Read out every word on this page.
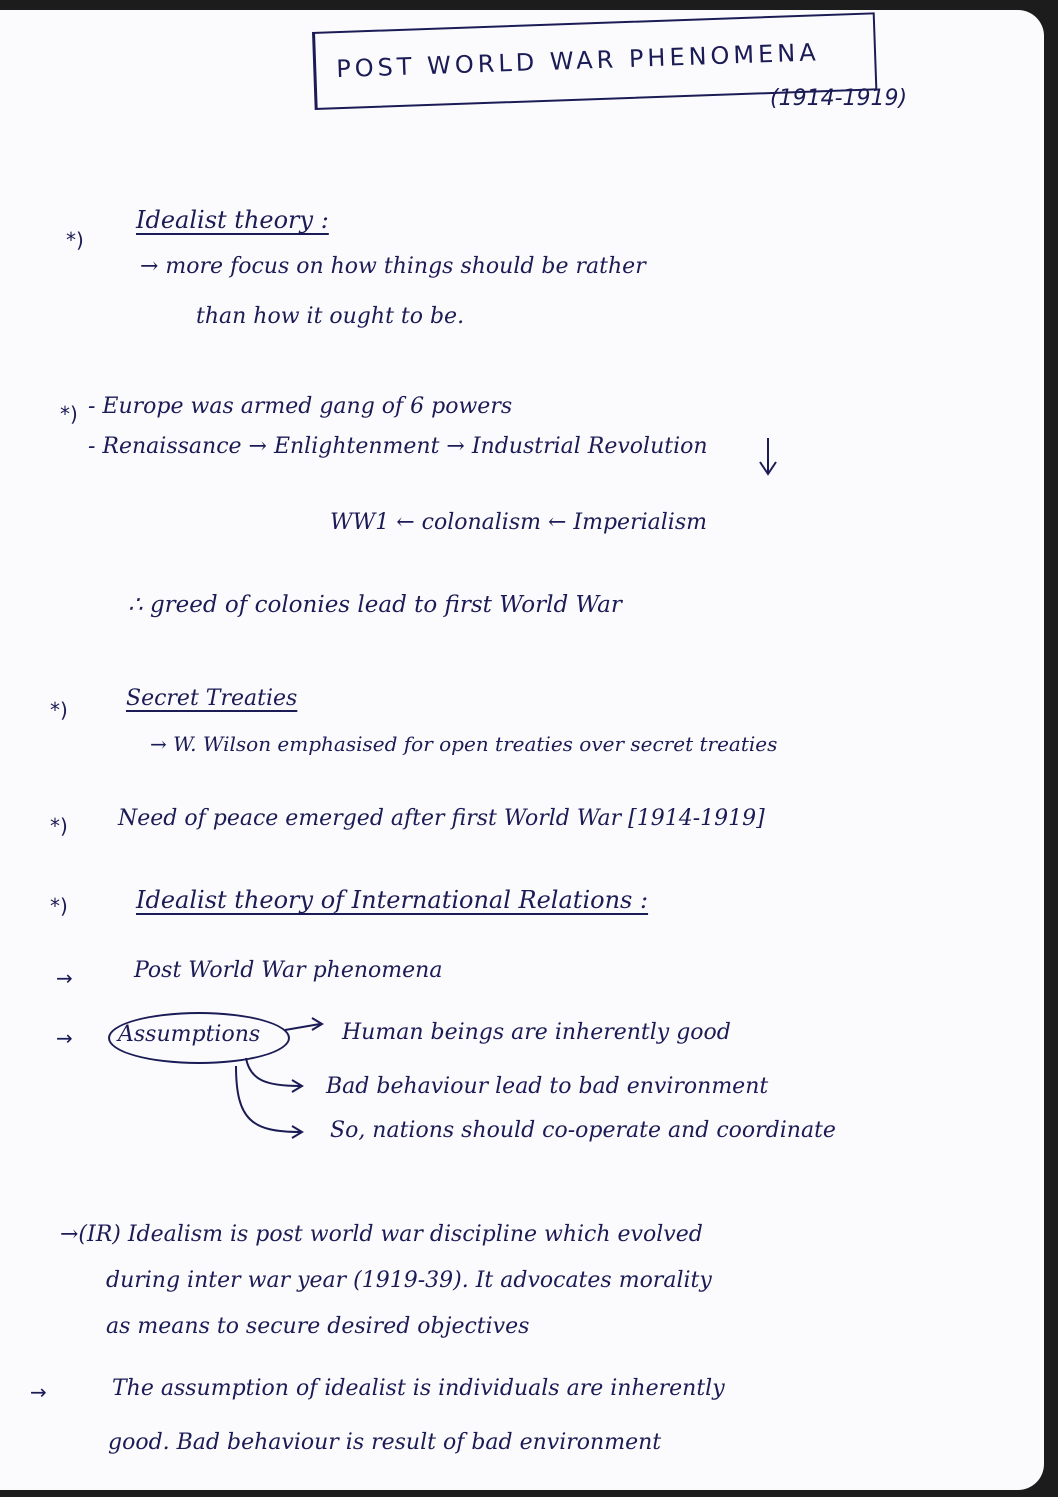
POST WORLD WAR PHENOMENA
(1914-1919)
*)
*)
*)
*)
*)
→
→
→
Idealist theory :
→ more focus on how things should be rather
than how it ought to be.
- Europe was armed gang of 6 powers
- Renaissance → Enlightenment → Industrial Revolution
WW1 ← colonalism ← Imperialism
∴ greed of colonies lead to first World War
Secret Treaties
→ W. Wilson emphasised for open treaties over secret treaties
Need of peace emerged after first World War [1914-1919]
Idealist theory of International Relations :
Post World War phenomena
Assumptions	Human beings are inherently good
Bad behaviour lead to bad environment
So, nations should co-operate and coordinate
→(IR) Idealism is post world war discipline which evolved
during inter war year (1919-39). It advocates morality
as means to secure desired objectives
The assumption of idealist is individuals are inherently
good. Bad behaviour is result of bad environment
